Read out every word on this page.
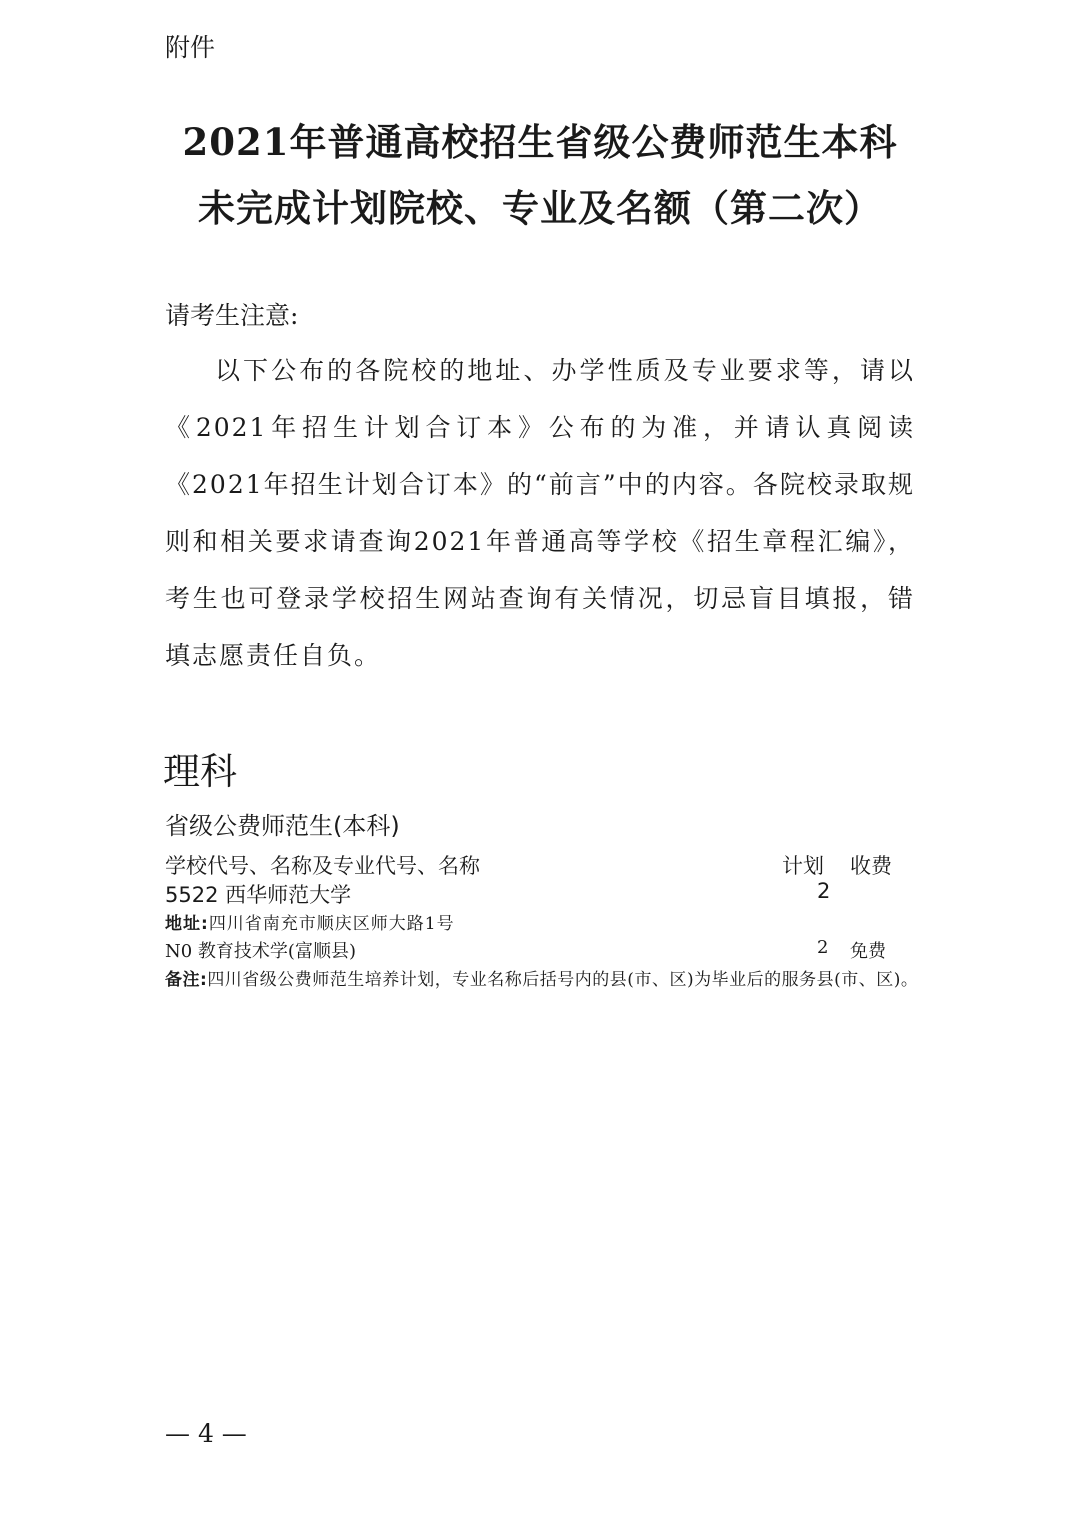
附件
2021年普通高校招生省级公费师范生本科
未完成计划院校、专业及名额（第二次）
请考生注意:

以下公布的各院校的地址、办学性质及专业要求等，请以《2021年招生计划合订本》公布的为准，并请认真阅读《2021年招生计划合订本》的“前言”中的内容。各院校录取规则和相关要求请查询2021年普通高等学校《招生章程汇编》，考生也可登录学校招生网站查询有关情况，切忌盲目填报，错填志愿责任自负。

理科
省级公费师范生(本科)
学校代号、名称及专业代号、名称	计划 收费
5522 西华师范大学	2
地址:四川省南充市顺庆区师大路1号
N0 教育技术学(富顺县)	2 免费

备注:四川省级公费师范生培养计划，专业名称后括号内的县(市、区)为毕业后的服务县(市、区)。

— 4 —
